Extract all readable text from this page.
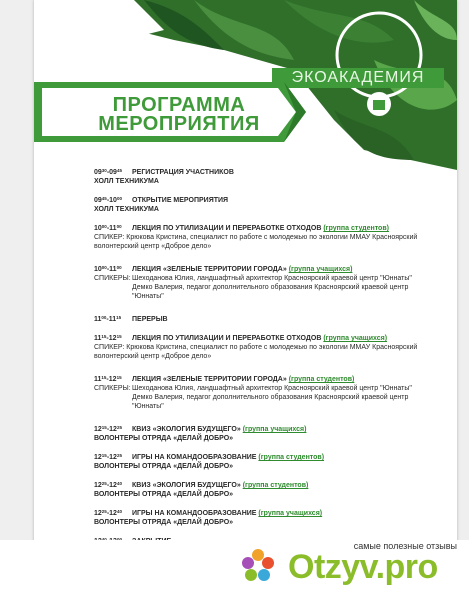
ЭКОАКАДЕМИЯ
ПРОГРАММА
МЕРОПРИЯТИЯ
$09^{30}-09^{45}$	РЕГИСТРАЦИЯ УЧАСТНИКОВ
ХОЛЛ ТЕХНИКУМА
$09^{45}-10^{00}$	ОТКРЫТИЕ МЕРОПРИЯТИЯ
ХОЛЛ ТЕХНИКУМА
$10^{00}-11^{00}$	ЛЕКЦИЯ ПО УТИЛИЗАЦИИ И ПЕРЕРАБОТКЕ ОТХОДОВ
(группа студентов)
СПИКЕР:
Крюкова Кристина, специалист по работе с молодежью по экологии ММАУ Красноярский
волонтерский центр «Доброе дело»
$10^{00}-11^{00}$	ЛЕКЦИЯ «ЗЕЛЕНЫЕ ТЕРРИТОРИИ ГОРОДА»
(группа учащихся)
СПИКЕРЫ: Шеходанова Юлия, ландшафтный архитектор Красноярский краевой центр "Юннаты"
Демко Валерия, педагог дополнительного образования Красноярский краевой центр
"Юннаты"
$11^{00}-11^{15}$	ПЕРЕРЫВ
$11^{15}-12^{15}$	ЛЕКЦИЯ ПО УТИЛИЗАЦИИ И ПЕРЕРАБОТКЕ ОТХОДОВ
(группа учащихся)
СПИКЕР:
Крюкова Кристина, специалист по работе с молодежью по экологии ММАУ Красноярский
волонтерский центр «Доброе дело»
$11^{15}-12^{15}$	ЛЕКЦИЯ «ЗЕЛЕНЫЕ ТЕРРИТОРИИ ГОРОДА»
(группа студентов)
СПИКЕРЫ: Шеходанова Юлия, ландшафтный архитектор Красноярский краевой центр "Юннаты"
Демко Валерия, педагог дополнительного образования Красноярский краевой центр
"Юннаты"
$12^{15}-12^{25}$	КВИЗ «ЭКОЛОГИЯ БУДУЩЕГО»
(группа учащихся)
ВОЛОНТЕРЫ ОТРЯДА «ДЕЛАЙ ДОБРО»
$12^{15}-12^{25}$	ИГРЫ НА КОМАНДООБРАЗОВАНИЕ
(группа студентов)
ВОЛОНТЕРЫ ОТРЯДА «ДЕЛАЙ ДОБРО»
$12^{25}-12^{40}$	КВИЗ «ЭКОЛОГИЯ БУДУЩЕГО»
(группа студентов)
ВОЛОНТЕРЫ ОТРЯДА «ДЕЛАЙ ДОБРО»
$12^{25}-12^{40}$	ИГРЫ НА КОМАНДООБРАЗОВАНИЕ
(группа учащихся)
ВОЛОНТЕРЫ ОТРЯДА «ДЕЛАЙ ДОБРО»
самые полезные отзывы
Otzyv.pro
